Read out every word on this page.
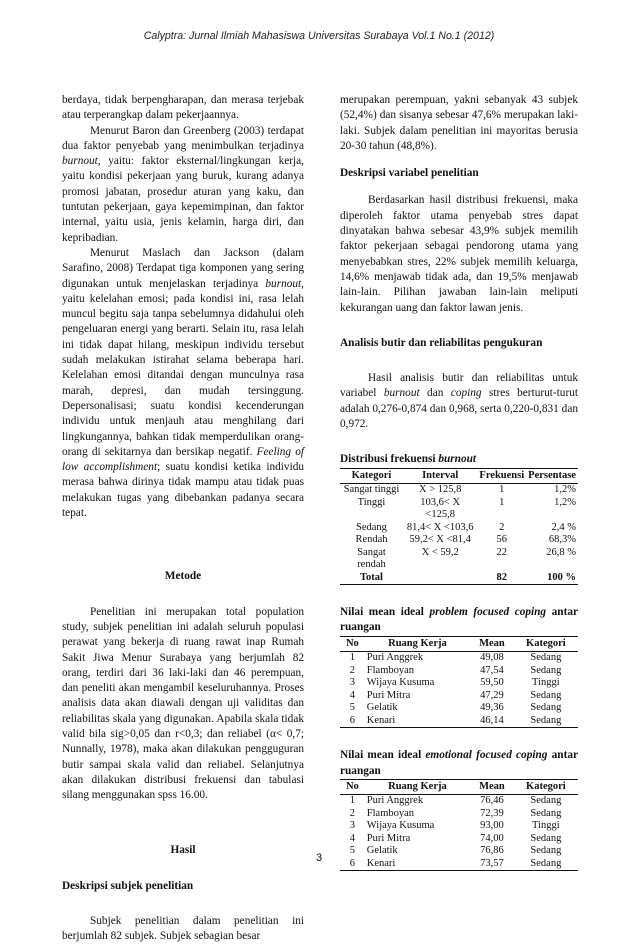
Calyptra: Jurnal Ilmiah Mahasiswa Universitas Surabaya Vol.1 No.1 (2012)

berdaya, tidak berpengharapan, dan merasa terjebak atau terperangkap dalam pekerjaannya.

Menurut Baron dan Greenberg (2003) terdapat dua faktor penyebab yang menimbulkan terjadinya burnout, yaitu: faktor eksternal/lingkungan kerja, yaitu kondisi pekerjaan yang buruk, kurang adanya promosi jabatan, prosedur aturan yang kaku, dan tuntutan pekerjaan, gaya kepemimpinan, dan faktor internal, yaitu usia, jenis kelamin, harga diri, dan kepribadian.

Menurut Maslach dan Jackson (dalam Sarafino, 2008) Terdapat tiga komponen yang sering digunakan untuk menjelaskan terjadinya burnout, yaitu kelelahan emosi; pada kondisi ini, rasa lelah muncul begitu saja tanpa sebelumnya didahului oleh pengeluaran energi yang berarti. Selain itu, rasa lelah ini tidak dapat hilang, meskipun individu tersebut sudah melakukan istirahat selama beberapa hari. Kelelahan emosi ditandai dengan munculnya rasa marah, depresi, dan mudah tersinggung. Depersonalisasi; suatu kondisi kecenderungan individu untuk menjauh atau menghilang dari lingkungannya, bahkan tidak memperdulikan orang-orang di sekitarnya dan bersikap negatif. Feeling of low accomplishment; suatu kondisi ketika individu merasa bahwa dirinya tidak mampu atau tidak puas melakukan tugas yang dibebankan padanya secara tepat.

Metode

Penelitian ini merupakan total population study, subjek penelitian ini adalah seluruh populasi perawat yang bekerja di ruang rawat inap Rumah Sakit Jiwa Menur Surabaya yang berjumlah 82 orang, terdiri dari 36 laki-laki dan 46 perempuan, dan peneliti akan mengambil keseluruhannya. Proses analisis data akan diawali dengan uji validitas dan reliabilitas skala yang digunakan. Apabila skala tidak valid bila sig>0,05 dan r<0,3; dan reliabel (α< 0,7; Nunnally, 1978), maka akan dilakukan pengguguran butir sampai skala valid dan reliabel. Selanjutnya akan dilakukan distribusi frekuensi dan tabulasi silang menggunakan spss 16.00.

Hasil

Deskripsi subjek penelitian

Subjek penelitian dalam penelitian ini berjumlah 82 subjek. Subjek sebagian besar

merupakan perempuan, yakni sebanyak 43 subjek (52,4%) dan sisanya sebesar 47,6% merupakan laki-laki. Subjek dalam penelitian ini mayoritas berusia 20-30 tahun (48,8%).

Deskripsi variabel penelitian

Berdasarkan hasil distribusi frekuensi, maka diperoleh faktor utama penyebab stres dapat dinyatakan bahwa sebesar 43,9% subjek memilih faktor pekerjaan sebagai pendorong utama yang menyebabkan stres, 22% subjek memilih keluarga, 14,6% menjawab tidak ada, dan 19,5% menjawab lain-lain. Pilihan jawaban lain-lain meliputi kekurangan uang dan faktor lawan jenis.

Analisis butir dan reliabilitas pengukuran

Hasil analisis butir dan reliabilitas untuk variabel burnout dan coping stres berturut-turut adalah 0,276-0,874 dan 0,968, serta 0,220-0,831 dan 0,972.

Distribusi frekuensi burnout

Kategori	Interval	Frekuensi	Persentase
Sangat tinggi	X > 125,8	1	1,2%
Tinggi	103,6< X <125,8	1	1,2%
Sedang	81,4< X <103,6	2	2,4 %
Rendah	59,2< X <81,4	56	68,3%
Sangat rendah	X < 59,2	22	26,8 %
Total		82	100 %

Nilai mean ideal problem focused coping antar ruangan

No	Ruang Kerja	Mean	Kategori
1	Puri Anggrek	49,08	Sedang
2	Flamboyan	47,54	Sedang
3	Wijaya Kusuma	59,50	Tinggi
4	Puri Mitra	47,29	Sedang
5	Gelatik	49,36	Sedang
6	Kenari	46,14	Sedang

Nilai mean ideal emotional focused coping antar ruangan

No	Ruang Kerja	Mean	Kategori
1	Puri Anggrek	76,46	Sedang
2	Flamboyan	72,39	Sedang
3	Wijaya Kusuma	93,00	Tinggi
4	Puri Mitra	74,00	Sedang
5	Gelatik	76,86	Sedang
6	Kenari	73,57	Sedang
3
